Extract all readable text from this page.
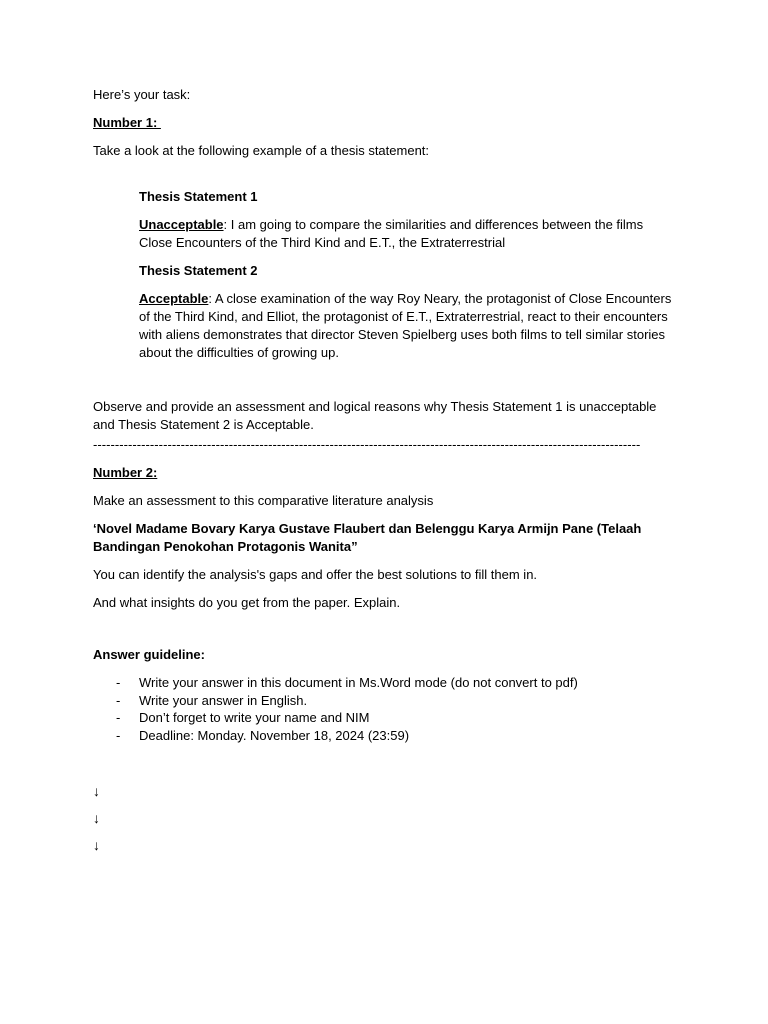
Here’s your task:

Number 1:

Take a look at the following example of a thesis statement:

Thesis Statement 1

Unacceptable: I am going to compare the similarities and differences between the films Close Encounters of the Third Kind and E.T., the Extraterrestrial

Thesis Statement 2

Acceptable: A close examination of the way Roy Neary, the protagonist of Close Encounters of the Third Kind, and Elliot, the protagonist of E.T., Extraterrestrial, react to their encounters with aliens demonstrates that director Steven Spielberg uses both films to tell similar stories about the difficulties of growing up.

Observe and provide an assessment and logical reasons why Thesis Statement 1 is unacceptable and Thesis Statement 2 is Acceptable.

-----------------------------------------------------------------------------------------------------------------------------

Number 2:

Make an assessment to this comparative literature analysis

‘Novel Madame Bovary Karya Gustave Flaubert dan Belenggu Karya Armijn Pane (Telaah Bandingan Penokohan Protagonis Wanita”

You can identify the analysis's gaps and offer the best solutions to fill them in.

And what insights do you get from the paper. Explain.

Answer guideline:

- Write your answer in this document in Ms.Word mode (do not convert to pdf)
- Write your answer in English.
- Don’t forget to write your name and NIM
- Deadline: Monday. November 18, 2024 (23:59)

↓

↓

↓
